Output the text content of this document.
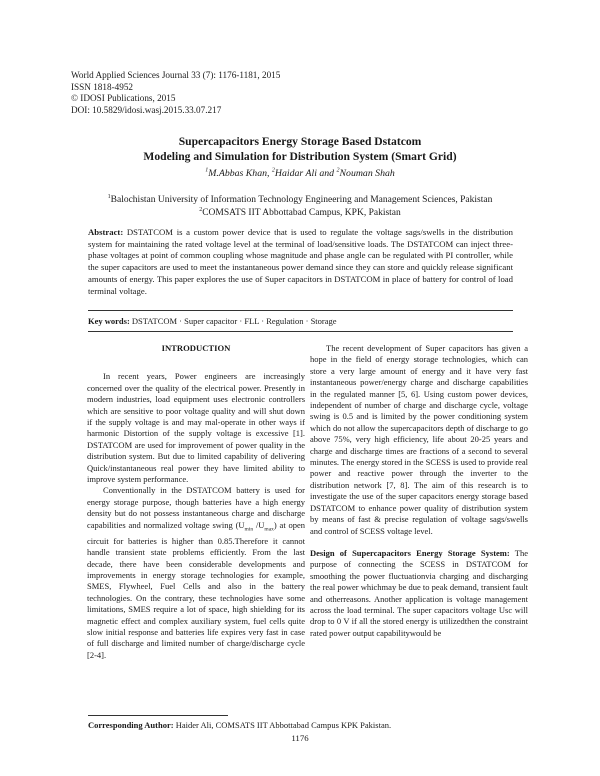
World Applied Sciences Journal 33 (7): 1176-1181, 2015
ISSN 1818-4952
© IDOSI Publications, 2015
DOI: 10.5829/idosi.wasj.2015.33.07.217
Supercapacitors Energy Storage Based Dstatcom
Modeling and Simulation for Distribution System (Smart Grid)
$^1$M.Abbas Khan, $^2$Haidar Ali and $^2$Nouman Shah
$^1$Balochistan University of Information Technology Engineering and Management Sciences, Pakistan
$^2$COMSATS IIT Abbottabad Campus, KPK, Pakistan
Abstract: DSTATCOM is a custom power device that is used to regulate the voltage sags/swells in the distribution system for maintaining the rated voltage level at the terminal of load/sensitive loads. The DSTATCOM can inject three-phase voltages at point of common coupling whose magnitude and phase angle can be regulated with PI controller, while the super capacitors are used to meet the instantaneous power demand since they can store and quickly release significant amounts of energy. This paper explores the use of Super capacitors in DSTATCOM in place of battery for control of load terminal voltage.
Key words: DSTATCOM · Super capacitor · FLL · Regulation · Storage
INTRODUCTION

In recent years, Power engineers are increasingly concerned over the quality of the electrical power. Presently in modern industries, load equipment uses electronic controllers which are sensitive to poor voltage quality and will shut down if the supply voltage is and may mal-operate in other ways if harmonic Distortion of the supply voltage is excessive [1]. DSTATCOM are used for improvement of power quality in the distribution system. But due to limited capability of delivering Quick/instantaneous real power they have limited ability to improve system performance.

Conventionally in the DSTATCOM battery is used for energy storage purpose, though batteries have a high energy density but do not possess instantaneous charge and discharge capabilities and normalized voltage swing ($U_{min}$ $/U_{max}$) at open circuit for batteries is higher than 0.85.Therefore it cannot handle transient state problems efficiently. From the last decade, there have been considerable developments and improvements in energy storage technologies for example, SMES, Flywheel, Fuel Cells and also in the battery technologies. On the contrary, these technologies have some limitations, SMES require a lot of space, high shielding for its magnetic effect and complex auxiliary system, fuel cells quite slow initial response and batteries life expires very fast in case of full discharge and limited number of charge/discharge cycle [2-4].

The recent development of Super capacitors has given a hope in the field of energy storage technologies, which can store a very large amount of energy and it have very fast instantaneous power/energy charge and discharge capabilities in the regulated manner [5, 6]. Using custom power devices, independent of number of charge and discharge cycle, voltage swing is 0.5 and is limited by the power conditioning system which do not allow the supercapacitors depth of discharge to go above 75%, very high efficiency, life about 20-25 years and charge and discharge times are fractions of a second to several minutes. The energy stored in the SCESS is used to provide real power and reactive power through the inverter to the distribution network [7, 8]. The aim of this research is to investigate the use of the super capacitors energy storage based DSTATCOM to enhance power quality of distribution system by means of fast & precise regulation of voltage sags/swells and control of SCESS voltage level.

Design of Supercapacitors Energy Storage System: The purpose of connecting the SCESS in DSTATCOM for smoothing the power fluctuationvia charging and discharging the real power whichmay be due to peak demand, transient fault and otherreasons. Another application is voltage management across the load terminal. The super capacitors voltage Usc will drop to 0 V if all the stored energy is utilizedthen the constraint rated power output capabilitywould be

Corresponding Author: Haider Ali, COMSATS IIT Abbottabad Campus KPK Pakistan.
1176
